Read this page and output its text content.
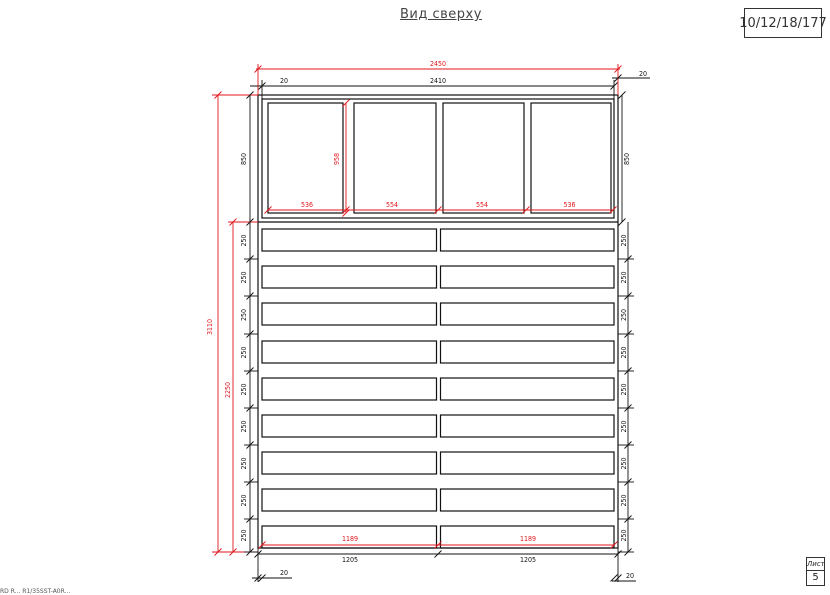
Вид сверху
10/12/18/177
Лист
5
RD R... R1/35SST-A0R...
2450
2410
20
20
3110
2250
850	850
250	250
250	250
250	250
250	250
250	250
250	250
250	250
250	250
250	250
958
536	554	554	536
1189	1189
1205	1205
20	20
